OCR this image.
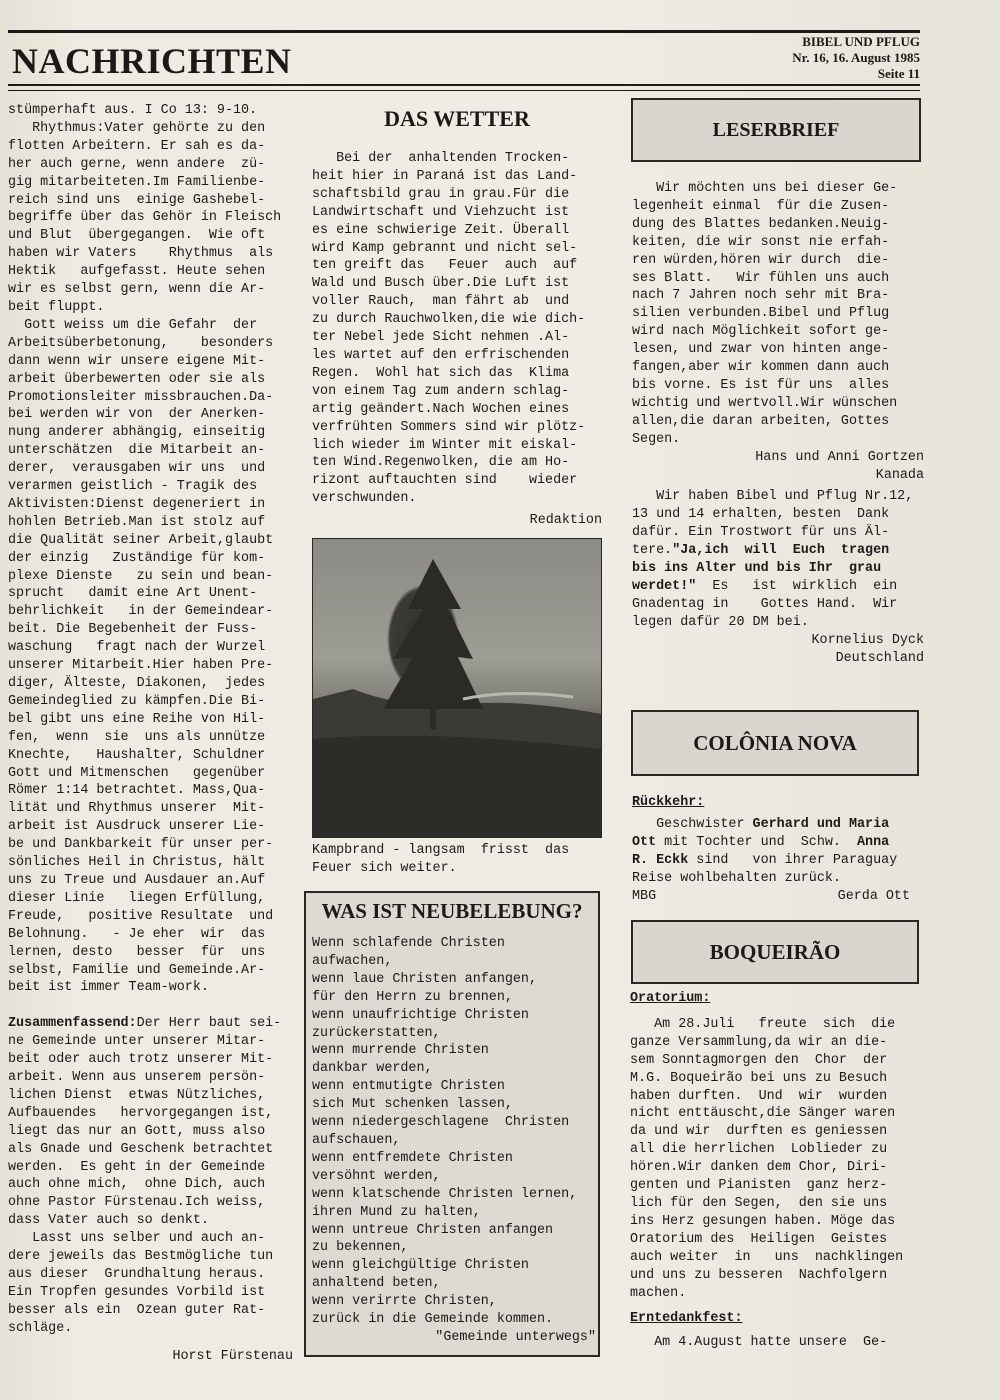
NACHRICHTEN	BIBEL UND PFLUG
Nr. 16, 16. August 1985
Seite 11

stümperhaft aus. I Co 13: 9-10.

Rhythmus:Vater gehörte zu den

flotten Arbeitern. Er sah es da-

her auch gerne, wenn andere  zü-

gig mitarbeiteten.Im Familienbe-

reich sind uns  einige Gashebel-

begriffe über das Gehör in Fleisch

und Blut  übergegangen.  Wie oft

haben wir Vaters    Rhythmus  als

Hektik   aufgefasst. Heute sehen

wir es selbst gern, wenn die Ar-

beit fluppt.

Gott weiss um die Gefahr  der

Arbeitsüberbetonung,    besonders

dann wenn wir unsere eigene Mit-

arbeit überbewerten oder sie als

Promotionsleiter missbrauchen.Da-

bei werden wir von  der Anerken-

nung anderer abhängig, einseitig

unterschätzen  die Mitarbeit an-

derer,  verausgaben wir uns  und

verarmen geistlich - Tragik des

Aktivisten:Dienst degeneriert in

hohlen Betrieb.Man ist stolz auf

die Qualität seiner Arbeit,glaubt

der einzig   Zuständige für kom-

plexe Dienste   zu sein und bean-

sprucht   damit eine Art Unent-

behrlichkeit   in der Gemeindear-

beit. Die Begebenheit der Fuss-

waschung   fragt nach der Wurzel

unserer Mitarbeit.Hier haben Pre-

diger, Älteste, Diakonen,  jedes

Gemeindeglied zu kämpfen.Die Bi-

bel gibt uns eine Reihe von Hil-

fen,  wenn  sie  uns als unnütze

Knechte,   Haushalter, Schuldner

Gott und Mitmenschen   gegenüber

Römer 1:14 betrachtet. Mass,Qua-

lität und Rhythmus unserer  Mit-

arbeit ist Ausdruck unserer Lie-

be und Dankbarkeit für unser per-

sönliches Heil in Christus, hält

uns zu Treue und Ausdauer an.Auf

dieser Linie   liegen Erfüllung,

Freude,   positive Resultate  und

Belohnung.   - Je eher  wir  das

lernen, desto   besser  für  uns

selbst, Familie und Gemeinde.Ar-

beit ist immer Team-work.

Zusammenfassend:Der Herr baut sei-

ne Gemeinde unter unserer Mitar-

beit oder auch trotz unserer Mit-

arbeit. Wenn aus unserem persön-

lichen Dienst  etwas Nützliches,

Aufbauendes   hervorgegangen ist,

liegt das nur an Gott, muss also

als Gnade und Geschenk betrachtet

werden.  Es geht in der Gemeinde

auch ohne mich,  ohne Dich, auch

ohne Pastor Fürstenau.Ich weiss,

dass Vater auch so denkt.

Lasst uns selber und auch an-

dere jeweils das Bestmögliche tun

aus dieser  Grundhaltung heraus.

Ein Tropfen gesundes Vorbild ist

besser als ein  Ozean guter Rat-

schläge.

Horst Fürstenau

DAS WETTER

Bei der  anhaltenden Trocken-

heit hier in Paraná ist das Land-

schaftsbild grau in grau.Für die

Landwirtschaft und Viehzucht ist

es eine schwierige Zeit. Überall

wird Kamp gebrannt und nicht sel-

ten greift das   Feuer  auch  auf

Wald und Busch über.Die Luft ist

voller Rauch,  man fährt ab  und

zu durch Rauchwolken,die wie dich-

ter Nebel jede Sicht nehmen .Al-

les wartet auf den erfrischenden

Regen.  Wohl hat sich das  Klima

von einem Tag zum andern schlag-

artig geändert.Nach Wochen eines

verfrühten Sommers sind wir plötz-

lich wieder im Winter mit eiskal-

ten Wind.Regenwolken, die am Ho-

rizont auftauchten sind    wieder

verschwunden.

Redaktion

Kampbrand - langsam  frisst  das

Feuer sich weiter.

WAS IST NEUBELEBUNG?

Wenn schlafende Christen

aufwachen,

wenn laue Christen anfangen,

für den Herrn zu brennen,

wenn unaufrichtige Christen

zurückerstatten,

wenn murrende Christen

dankbar werden,

wenn entmutigte Christen

sich Mut schenken lassen,

wenn niedergeschlagene  Christen

aufschauen,

wenn entfremdete Christen

versöhnt werden,

wenn klatschende Christen lernen,

ihren Mund zu halten,

wenn untreue Christen anfangen

zu bekennen,

wenn gleichgültige Christen

anhaltend beten,

wenn verirrte Christen,

zurück in die Gemeinde kommen.

"Gemeinde unterwegs"

LESERBRIEF

Wir möchten uns bei dieser Ge-

legenheit einmal  für die Zusen-

dung des Blattes bedanken.Neuig-

keiten, die wir sonst nie erfah-

ren würden,hören wir durch  die-

ses Blatt.   Wir fühlen uns auch

nach 7 Jahren noch sehr mit Bra-

silien verbunden.Bibel und Pflug

wird nach Möglichkeit sofort ge-

lesen, und zwar von hinten ange-

fangen,aber wir kommen dann auch

bis vorne. Es ist für uns  alles

wichtig und wertvoll.Wir wünschen

allen,die daran arbeiten, Gottes

Segen.

Hans und Anni Gortzen

Kanada

Wir haben Bibel und Pflug Nr.12,

13 und 14 erhalten, besten  Dank

dafür. Ein Trostwort für uns Äl-

tere."Ja,ich  will  Euch  tragen

bis ins Alter und bis Ihr  grau

werdet!"  Es   ist  wirklich  ein

Gnadentag in    Gottes Hand.  Wir

legen dafür 20 DM bei.

Kornelius Dyck

Deutschland

COLÔNIA NOVA

Rückkehr:

Geschwister Gerhard und Maria

Ott mit Tochter und  Schw.  Anna

R. Eckk sind   von ihrer Paraguay

Reise wohlbehalten zurück.

MBG	Gerda Ott
BOQUEIRÃO

Oratorium:

Am 28.Juli   freute  sich  die

ganze Versammlung,da wir an die-

sem Sonntagmorgen den  Chor  der

M.G. Boqueirão bei uns zu Besuch

haben durften.  Und  wir  wurden

nicht enttäuscht,die Sänger waren

da und wir  durften es geniessen

all die herrlichen  Loblieder zu

hören.Wir danken dem Chor, Diri-

genten und Pianisten  ganz herz-

lich für den Segen,  den sie uns

ins Herz gesungen haben. Möge das

Oratorium des  Heiligen  Geistes

auch weiter  in   uns  nachklingen

und uns zu besseren  Nachfolgern

machen.

Erntedankfest:

Am 4.August hatte unsere  Ge-
